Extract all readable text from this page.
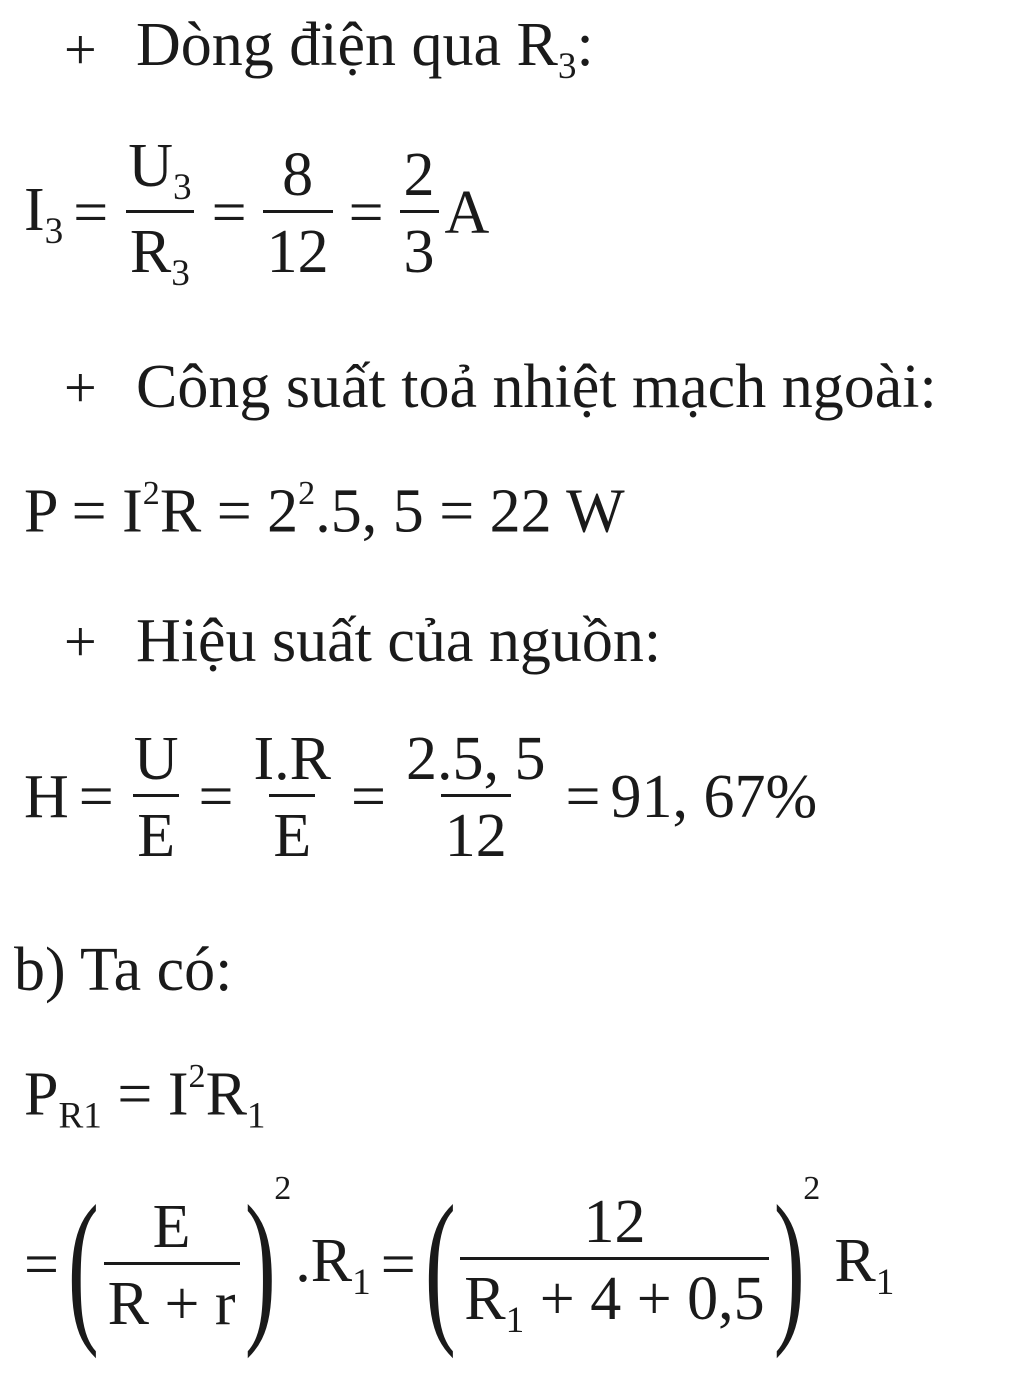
+ Dòng điện qua $R_3$:
$I_3 = \frac{U_3}{R_3} = \frac{8}{12} = \frac{2}{3}$ A
+ Công suất toả nhiệt mạch ngoài:
$P = I^2R = 2^2.5$, 5 = 22 W
+ Hiệu suất của nguồn:
$H = \frac{U}{E} = \frac{I.R}{E} = \frac{2.5, 5}{12} = 91$, 67%
b) Ta có:
$P_{R1} = I^2R_1$
= ( $\frac{E}{R + r}$ )
2
$.R_1$ = ( $\frac{12}{R_1 + 4 + 0,5}$ )
2
$R_1$
